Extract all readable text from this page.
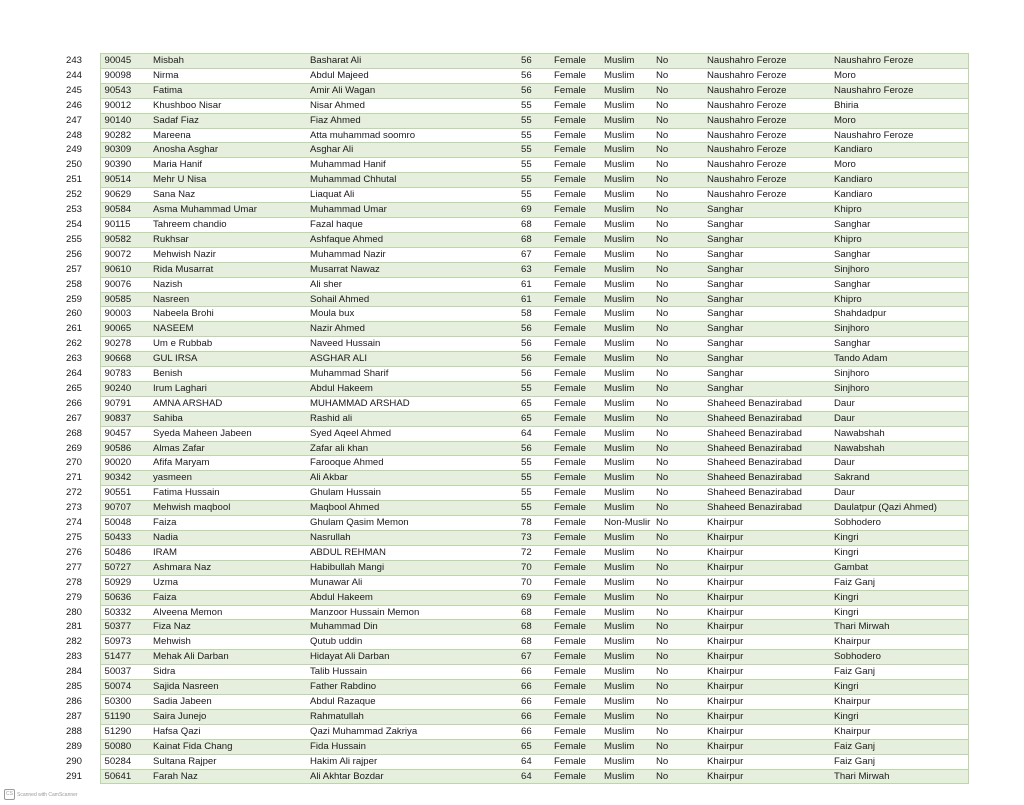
243	90045	Misbah	Basharat Ali	56	Female	Muslim	No	Naushahro Feroze	Naushahro Feroze
244	90098	Nirma	Abdul Majeed	56	Female	Muslim	No	Naushahro Feroze	Moro
245	90543	Fatima	Amir Ali Wagan	56	Female	Muslim	No	Naushahro Feroze	Naushahro Feroze
246	90012	Khushboo Nisar	Nisar Ahmed	55	Female	Muslim	No	Naushahro Feroze	Bhiria
247	90140	Sadaf Fiaz	Fiaz Ahmed	55	Female	Muslim	No	Naushahro Feroze	Moro
248	90282	Mareena	Atta muhammad soomro	55	Female	Muslim	No	Naushahro Feroze	Naushahro Feroze
249	90309	Anosha Asghar	Asghar Ali	55	Female	Muslim	No	Naushahro Feroze	Kandiaro
250	90390	Maria Hanif	Muhammad Hanif	55	Female	Muslim	No	Naushahro Feroze	Moro
251	90514	Mehr U Nisa	Muhammad Chhutal	55	Female	Muslim	No	Naushahro Feroze	Kandiaro
252	90629	Sana Naz	Liaquat Ali	55	Female	Muslim	No	Naushahro Feroze	Kandiaro
253	90584	Asma Muhammad Umar	Muhammad Umar	69	Female	Muslim	No	Sanghar	Khipro
254	90115	Tahreem chandio	Fazal haque	68	Female	Muslim	No	Sanghar	Sanghar
255	90582	Rukhsar	Ashfaque Ahmed	68	Female	Muslim	No	Sanghar	Khipro
256	90072	Mehwish Nazir	Muhammad Nazir	67	Female	Muslim	No	Sanghar	Sanghar
257	90610	Rida Musarrat	Musarrat Nawaz	63	Female	Muslim	No	Sanghar	Sinjhoro
258	90076	Nazish	Ali sher	61	Female	Muslim	No	Sanghar	Sanghar
259	90585	Nasreen	Sohail Ahmed	61	Female	Muslim	No	Sanghar	Khipro
260	90003	Nabeela Brohi	Moula bux	58	Female	Muslim	No	Sanghar	Shahdadpur
261	90065	NASEEM	Nazir Ahmed	56	Female	Muslim	No	Sanghar	Sinjhoro
262	90278	Um e Rubbab	Naveed Hussain	56	Female	Muslim	No	Sanghar	Sanghar
263	90668	GUL IRSA	ASGHAR ALI	56	Female	Muslim	No	Sanghar	Tando Adam
264	90783	Benish	Muhammad Sharif	56	Female	Muslim	No	Sanghar	Sinjhoro
265	90240	Irum Laghari	Abdul Hakeem	55	Female	Muslim	No	Sanghar	Sinjhoro
266	90791	AMNA ARSHAD	MUHAMMAD ARSHAD	65	Female	Muslim	No	Shaheed Benazirabad	Daur
267	90837	Sahiba	Rashid ali	65	Female	Muslim	No	Shaheed Benazirabad	Daur
268	90457	Syeda Maheen Jabeen	Syed Aqeel Ahmed	64	Female	Muslim	No	Shaheed Benazirabad	Nawabshah
269	90586	Almas Zafar	Zafar ali khan	56	Female	Muslim	No	Shaheed Benazirabad	Nawabshah
270	90020	Afifa Maryam	Farooque Ahmed	55	Female	Muslim	No	Shaheed Benazirabad	Daur
271	90342	yasmeen	Ali Akbar	55	Female	Muslim	No	Shaheed Benazirabad	Sakrand
272	90551	Fatima Hussain	Ghulam Hussain	55	Female	Muslim	No	Shaheed Benazirabad	Daur
273	90707	Mehwish maqbool	Maqbool Ahmed	55	Female	Muslim	No	Shaheed Benazirabad	Daulatpur (Qazi Ahmed)
274	50048	Faiza	Ghulam Qasim Memon	78	Female	Non-Muslir	No	Khairpur	Sobhodero
275	50433	Nadia	Nasrullah	73	Female	Muslim	No	Khairpur	Kingri
276	50486	IRAM	ABDUL REHMAN	72	Female	Muslim	No	Khairpur	Kingri
277	50727	Ashmara Naz	Habibullah Mangi	70	Female	Muslim	No	Khairpur	Gambat
278	50929	Uzma	Munawar Ali	70	Female	Muslim	No	Khairpur	Faiz Ganj
279	50636	Faiza	Abdul Hakeem	69	Female	Muslim	No	Khairpur	Kingri
280	50332	Alveena Memon	Manzoor Hussain Memon	68	Female	Muslim	No	Khairpur	Kingri
281	50377	Fiza Naz	Muhammad Din	68	Female	Muslim	No	Khairpur	Thari Mirwah
282	50973	Mehwish	Qutub uddin	68	Female	Muslim	No	Khairpur	Khairpur
283	51477	Mehak Ali Darban	Hidayat Ali Darban	67	Female	Muslim	No	Khairpur	Sobhodero
284	50037	Sidra	Talib Hussain	66	Female	Muslim	No	Khairpur	Faiz Ganj
285	50074	Sajida Nasreen	Father Rabdino	66	Female	Muslim	No	Khairpur	Kingri
286	50300	Sadia Jabeen	Abdul Razaque	66	Female	Muslim	No	Khairpur	Khairpur
287	51190	Saira Junejo	Rahmatullah	66	Female	Muslim	No	Khairpur	Kingri
288	51290	Hafsa Qazi	Qazi Muhammad Zakriya	66	Female	Muslim	No	Khairpur	Khairpur
289	50080	Kainat Fida Chang	Fida Hussain	65	Female	Muslim	No	Khairpur	Faiz Ganj
290	50284	Sultana Rajper	Hakim Ali rajper	64	Female	Muslim	No	Khairpur	Faiz Ganj
291	50641	Farah Naz	Ali Akhtar Bozdar	64	Female	Muslim	No	Khairpur	Thari Mirwah
CS Scanned with CamScanner
